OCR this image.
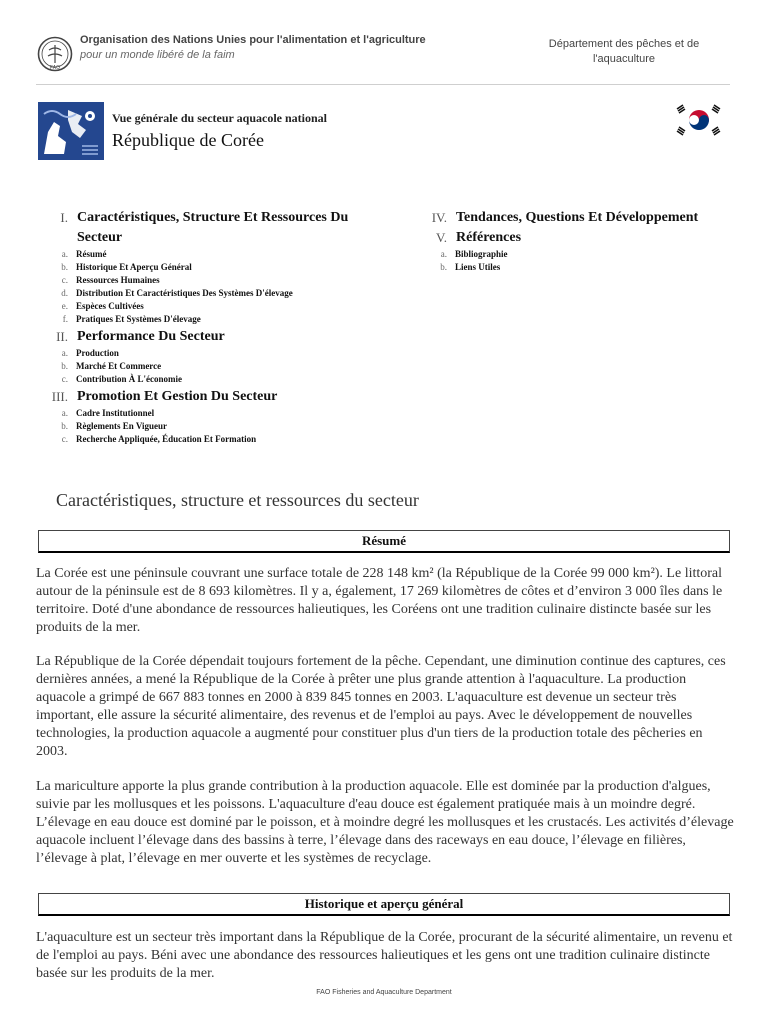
FAO
Organisation des Nations Unies pour l'alimentation et l'agriculture
pour un monde libéré de la faim
Département des pêches et de l'aquaculture
Vue générale du secteur aquacole national
République de Corée
I. Caractéristiques, Structure Et Ressources Du Secteur
a. Résumé
b. Historique Et Aperçu Général
c. Ressources Humaines
d. Distribution Et Caractéristiques Des Systèmes D'élevage
e. Espèces Cultivées
f. Pratiques Et Systèmes D'élevage
II. Performance Du Secteur
a. Production
b. Marché Et Commerce
c. Contribution À L'économie
III. Promotion Et Gestion Du Secteur
a. Cadre Institutionnel
b. Règlements En Vigueur
c. Recherche Appliquée, Éducation Et Formation
IV. Tendances, Questions Et Développement
V. Références
a. Bibliographie
b. Liens Utiles
Caractéristiques, structure et ressources du secteur
Résumé

La Corée est une péninsule couvrant une surface totale de 228 148 km² (la République de la Corée 99 000 km²). Le littoral autour de la péninsule est de 8 693 kilomètres. Il y a, également, 17 269 kilomètres de côtes et d’environ 3 000 îles dans le territoire. Doté d'une abondance de ressources halieutiques, les Coréens ont une tradition culinaire distincte basée sur les produits de la mer.

La République de la Corée dépendait toujours fortement de la pêche. Cependant, une diminution continue des captures, ces dernières années, a mené la République de la Corée à prêter une plus grande attention à l'aquaculture. La production aquacole a grimpé de 667 883 tonnes en 2000 à 839 845 tonnes en 2003. L'aquaculture est devenue un secteur très important, elle assure la sécurité alimentaire, des revenus et de l'emploi au pays. Avec le développement de nouvelles technologies, la production aquacole a augmenté pour constituer plus d'un tiers de la production totale des pêcheries en 2003.

La mariculture apporte la plus grande contribution à la production aquacole. Elle est dominée par la production d'algues, suivie par les mollusques et les poissons. L'aquaculture d'eau douce est également pratiquée mais à un moindre degré. L’élevage en eau douce est dominé par le poisson, et à moindre degré les mollusques et les crustacés. Les activités d’élevage aquacole incluent l’élevage dans des bassins à terre, l’élevage dans des raceways en eau douce, l’élevage en filières, l’élevage à plat, l’élevage en mer ouverte et les systèmes de recyclage.

Historique et aperçu général

L'aquaculture est un secteur très important dans la République de la Corée, procurant de la sécurité alimentaire, un revenu et de l'emploi au pays. Béni avec une abondance des ressources halieutiques et les gens ont une tradition culinaire distincte basée sur les produits de la mer.

FAO Fisheries and Aquaculture Department
